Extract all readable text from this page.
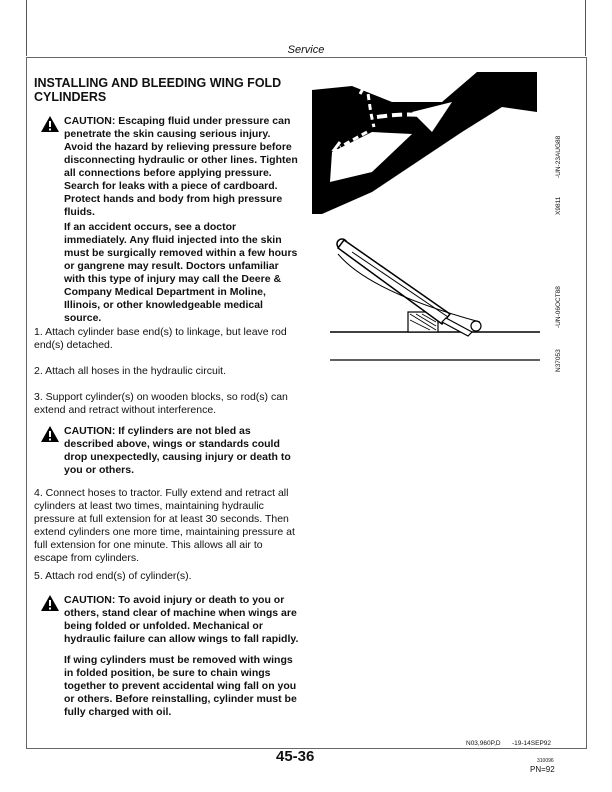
Service
INSTALLING AND BLEEDING WING FOLD CYLINDERS
CAUTION: Escaping fluid under pressure can penetrate the skin causing serious injury. Avoid the hazard by relieving pressure before disconnecting hydraulic or other lines. Tighten all connections before applying pressure. Search for leaks with a piece of cardboard. Protect hands and body from high pressure fluids.
If an accident occurs, see a doctor immediately. Any fluid injected into the skin must be surgically removed within a few hours or gangrene may result. Doctors unfamiliar with this type of injury may call the Deere & Company Medical Department in Moline, Illinois, or other knowledgeable medical source.
1. Attach cylinder base end(s) to linkage, but leave rod end(s) detached.
2. Attach all hoses in the hydraulic circuit.
3. Support cylinder(s) on wooden blocks, so rod(s) can extend and retract without interference.
CAUTION: If cylinders are not bled as described above, wings or standards could drop unexpectedly, causing injury or death to you or others.
4. Connect hoses to tractor. Fully extend and retract all cylinders at least two times, maintaining hydraulic pressure at full extension for at least 30 seconds. Then extend cylinders one more time, maintaining pressure at full extension for one minute. This allows all air to escape from cylinders.
5. Attach rod end(s) of cylinder(s).
CAUTION: To avoid injury or death to you or others, stand clear of machine when wings are being folded or unfolded. Mechanical or hydraulic failure can allow wings to fall rapidly.
If wing cylinders must be removed with wings in folded position, be sure to chain wings together to prevent accidental wing fall on you or others. Before reinstalling, cylinder must be fully charged with oil.
-UN-23AUG88
X9811
-UN-06OCT88
N37053
N03,960P,D -19-14SEP92
45-36	310096
PN=92
